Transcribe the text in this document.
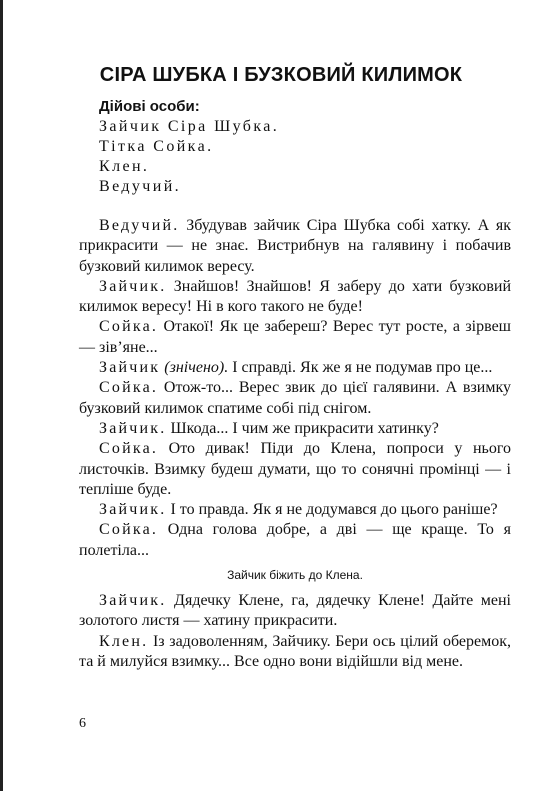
СІРА ШУБКА І БУЗКОВИЙ КИЛИМОК
Дійові особи:
Зайчик Сіра Шубка.
Тітка Сойка.
Клен.
Ведучий.

Ведучий. Збудував зайчик Сіра Шубка собі хатку. А як прикрасити — не знає. Вистрибнув на галявину і побачив бузковий килимок вересу.

Зайчик. Знайшов! Знайшов! Я заберу до хати бузковий килимок вересу! Ні в кого такого не буде!

Сойка. Отакої! Як це забереш? Верес тут росте, а зірвеш — зів’яне...

Зайчик (знічено). І справді. Як же я не подумав про це...

Сойка. Отож-то... Верес звик до цієї галявини. А взимку бузковий килимок спатиме собі під снігом.

Зайчик. Шкода... І чим же прикрасити хатинку?

Сойка. Ото дивак! Піди до Клена, попроси у нього листочків. Взимку будеш думати, що то сонячні промінці — і тепліше буде.

Зайчик. І то правда. Як я не додумався до цього раніше?

Сойка. Одна голова добре, а дві — ще краще. То я полетіла...

Зайчик біжить до Клена.

Зайчик. Дядечку Клене, га, дядечку Клене! Дайте мені золотого листя — хатину прикрасити.

Клен. Із задоволенням, Зайчику. Бери ось цілий оберемок, та й милуйся взимку... Все одно вони відійшли від мене.

6
